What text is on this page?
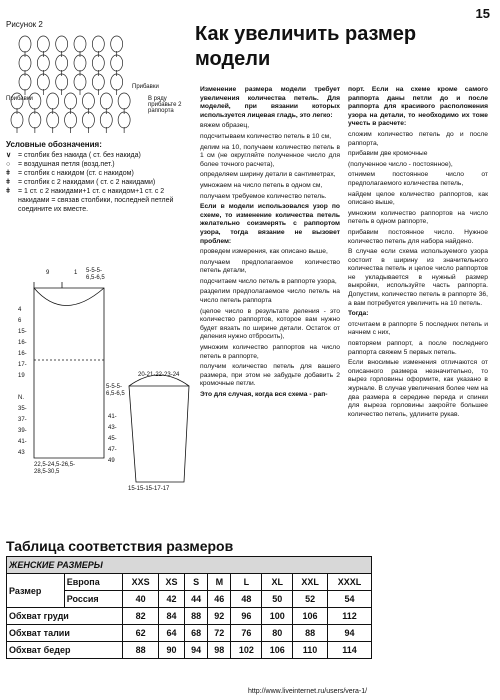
15
Рисунок 2
Прибавки
Прибавки
В ряду прибавьте 2 раппорта
Условные обозначения:
∨ = столбик без накида ( ст. без накида)
○	= воздушная петля (возд.пет.)
ǂ	= столбик с накидом (ст. с накидом)
ǂ	= столбик с 2 накидами ( ст. с 2 накидами)
ǂ	= 1 ст. с 2 накидами+1 ст. с накидом+1 ст. с 2 накидами = связав столбики, последней петлей соедините их вместе.
9	1 5-5-5-
6,5-6,5
4
6
15-
16-
16-
17-
19
N.
35-
37-
39-
41-
43
22,5-24,5-26,5-
28,5-30,5
20-21-22-23-24
5-5-5-
6,5-6,5
41-
43-
45-
47-
49
15-15-15-17-17
Как увеличить размер модели

Изменение размера модели требует увеличения количества петель. Для моделей, при вязании которых используется лицевая гладь, это легко:

вяжем образец,

подсчитываем количество петель в 10 см,

делим на 10, получаем количество петель в 1 см (не округляйте полученное число для более точного расчета),

определяем ширину детали в сантиметрах,

умножаем на число петель в одном см,

получаем требуемое количество петель.

Если в модели использовался узор по схеме, то изменение количества петель желательно соизмерять с раппортом узора, тогда вязание не вызовет проблем:

проведем измерения, как описано выше,

получаем предполагаемое количество петель детали,

подсчитаем число петель в раппорте узора,

разделим предполагаемое число петель на число петель раппорта

(целое число в результате деления - это количество раппортов, которое вам нужно будет вязать по ширине детали. Остаток от деления нужно отбросить),

умножим количество раппортов на число петель в раппорте,

получим количество петель для вашего размера, при этом не забудьте добавить 2 кромочные петли.

Это для случая, когда вся схема - рап-

порт. Если на схеме кроме самого раппорта даны петли до и после раппорта для красивого расположения узора на детали, то необходимо их тоже учесть в расчете:

сложим количество петель до и после раппорта,

прибавим две кромочные

(полученное число - постоянное),

отнимем постоянное число от предполагаемого количества петель,

найдем целое количество раппортов, как описано выше,

умножим количество раппортов на число петель в одном раппорте,

прибавим постоянное число. Нужное количество петель для набора найдено.

В случае если схема используемого узора состоит в ширину из значительного количества петель и целое число раппортов не укладывается в нужный размер выкройки, используйте часть раппорта. Допустим, количество петель в раппорте 36, а вам потребуется увеличить на 10 петель.

Тогда:

отсчитаем в раппорте 5 последних петель и начнем с них,

повторяем раппорт, а после последнего раппорта свяжем 5 первых петель.

Если вносимые изменения отличаются от описанного размера незначительно, то вырез горловины оформите, как указано в журнале. В случае увеличения более чем на два размера в середине переда и спинки для выреза горловины закройте большее количество петель, удлините рукав.

Таблица соответствия размеров
ЖЕНСКИЕ РАЗМЕРЫ									
Размер	Европа	XXS	XS	S	M	L	XL	XXL	XXXL
	Россия	40	42	44	46	48	50	52	54
Обхват груди		82	84	88	92	96	100	106	112
Обхват талии		62	64	68	72	76	80	88	94
Обхват бедер		88	90	94	98	102	106	110	114
http://www.liveinternet.ru/users/vera-1/
